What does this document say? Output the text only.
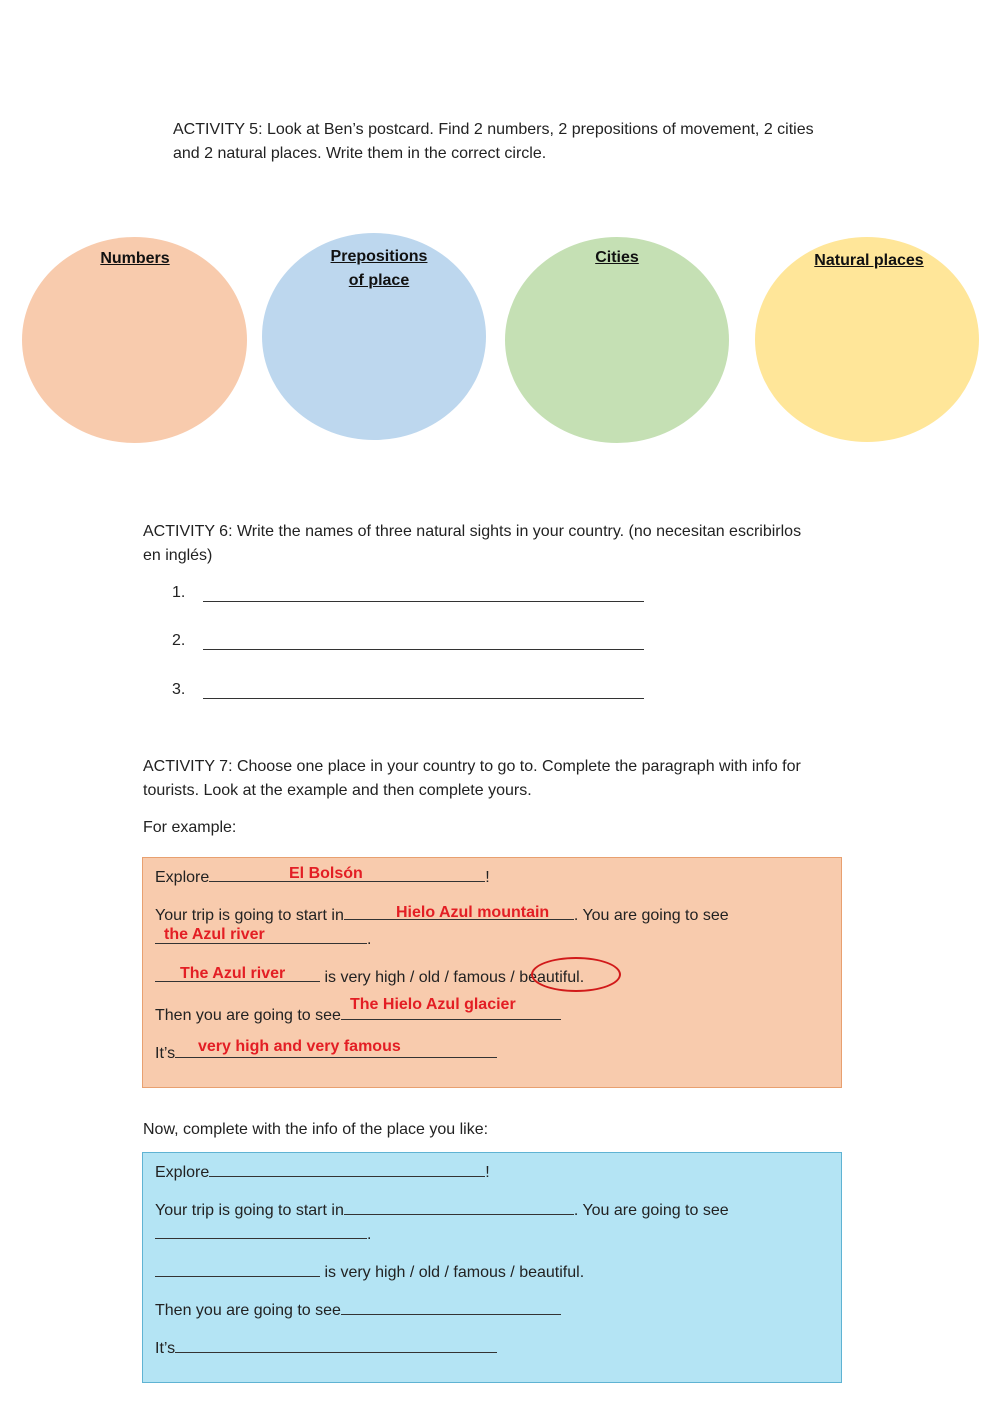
ACTIVITY 5: Look at Ben’s postcard. Find 2 numbers, 2 prepositions of movement, 2 cities
and 2 natural places. Write them in the correct circle.
Numbers	Prepositions
of place
Cities	Natural places
ACTIVITY 6: Write the names of three natural sights in your country. (no necesitan escribirlos
en inglés)
1.
2.
3.
ACTIVITY 7: Choose one place in your country to go to. Complete the paragraph with info for
tourists. Look at the example and then complete yours.
For example:
Explore	!
El Bolsón
Your trip is going to start in	. You are going to see
Hielo Azul mountain
.
the Azul river
is very high / old / famous / beautiful.
The Azul river
Then you are going to see
The Hielo Azul glacier
It’s	very high and very famous
Now, complete with the info of the place you like:
Explore	!
Your trip is going to start in	. You are going to see
.
is very high / old / famous / beautiful.
Then you are going to see
It’s
